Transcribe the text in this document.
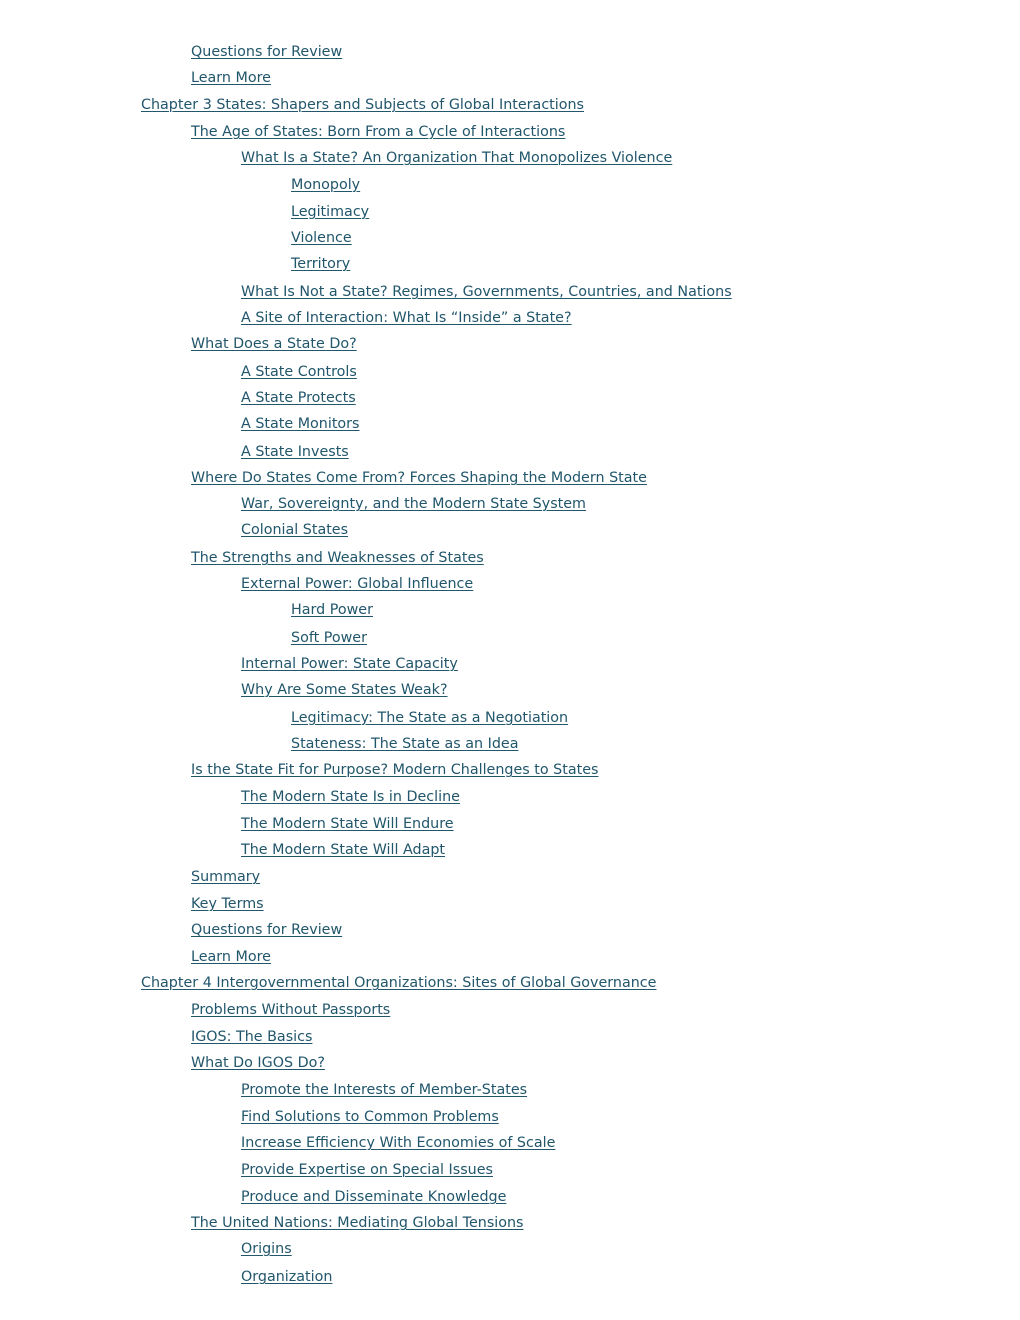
Questions for Review
Learn More
Chapter 3 States: Shapers and Subjects of Global Interactions
The Age of States: Born From a Cycle of Interactions
What Is a State? An Organization That Monopolizes Violence
Monopoly
Legitimacy
Violence
Territory
What Is Not a State? Regimes, Governments, Countries, and Nations
A Site of Interaction: What Is “Inside” a State?
What Does a State Do?
A State Controls
A State Protects
A State Monitors
A State Invests
Where Do States Come From? Forces Shaping the Modern State
War, Sovereignty, and the Modern State System
Colonial States
The Strengths and Weaknesses of States
External Power: Global Influence
Hard Power
Soft Power
Internal Power: State Capacity
Why Are Some States Weak?
Legitimacy: The State as a Negotiation
Stateness: The State as an Idea
Is the State Fit for Purpose? Modern Challenges to States
The Modern State Is in Decline
The Modern State Will Endure
The Modern State Will Adapt
Summary
Key Terms
Questions for Review
Learn More
Chapter 4 Intergovernmental Organizations: Sites of Global Governance
Problems Without Passports
IGOS: The Basics
What Do IGOS Do?
Promote the Interests of Member-States
Find Solutions to Common Problems
Increase Efficiency With Economies of Scale
Provide Expertise on Special Issues
Produce and Disseminate Knowledge
The United Nations: Mediating Global Tensions
Origins
Organization
